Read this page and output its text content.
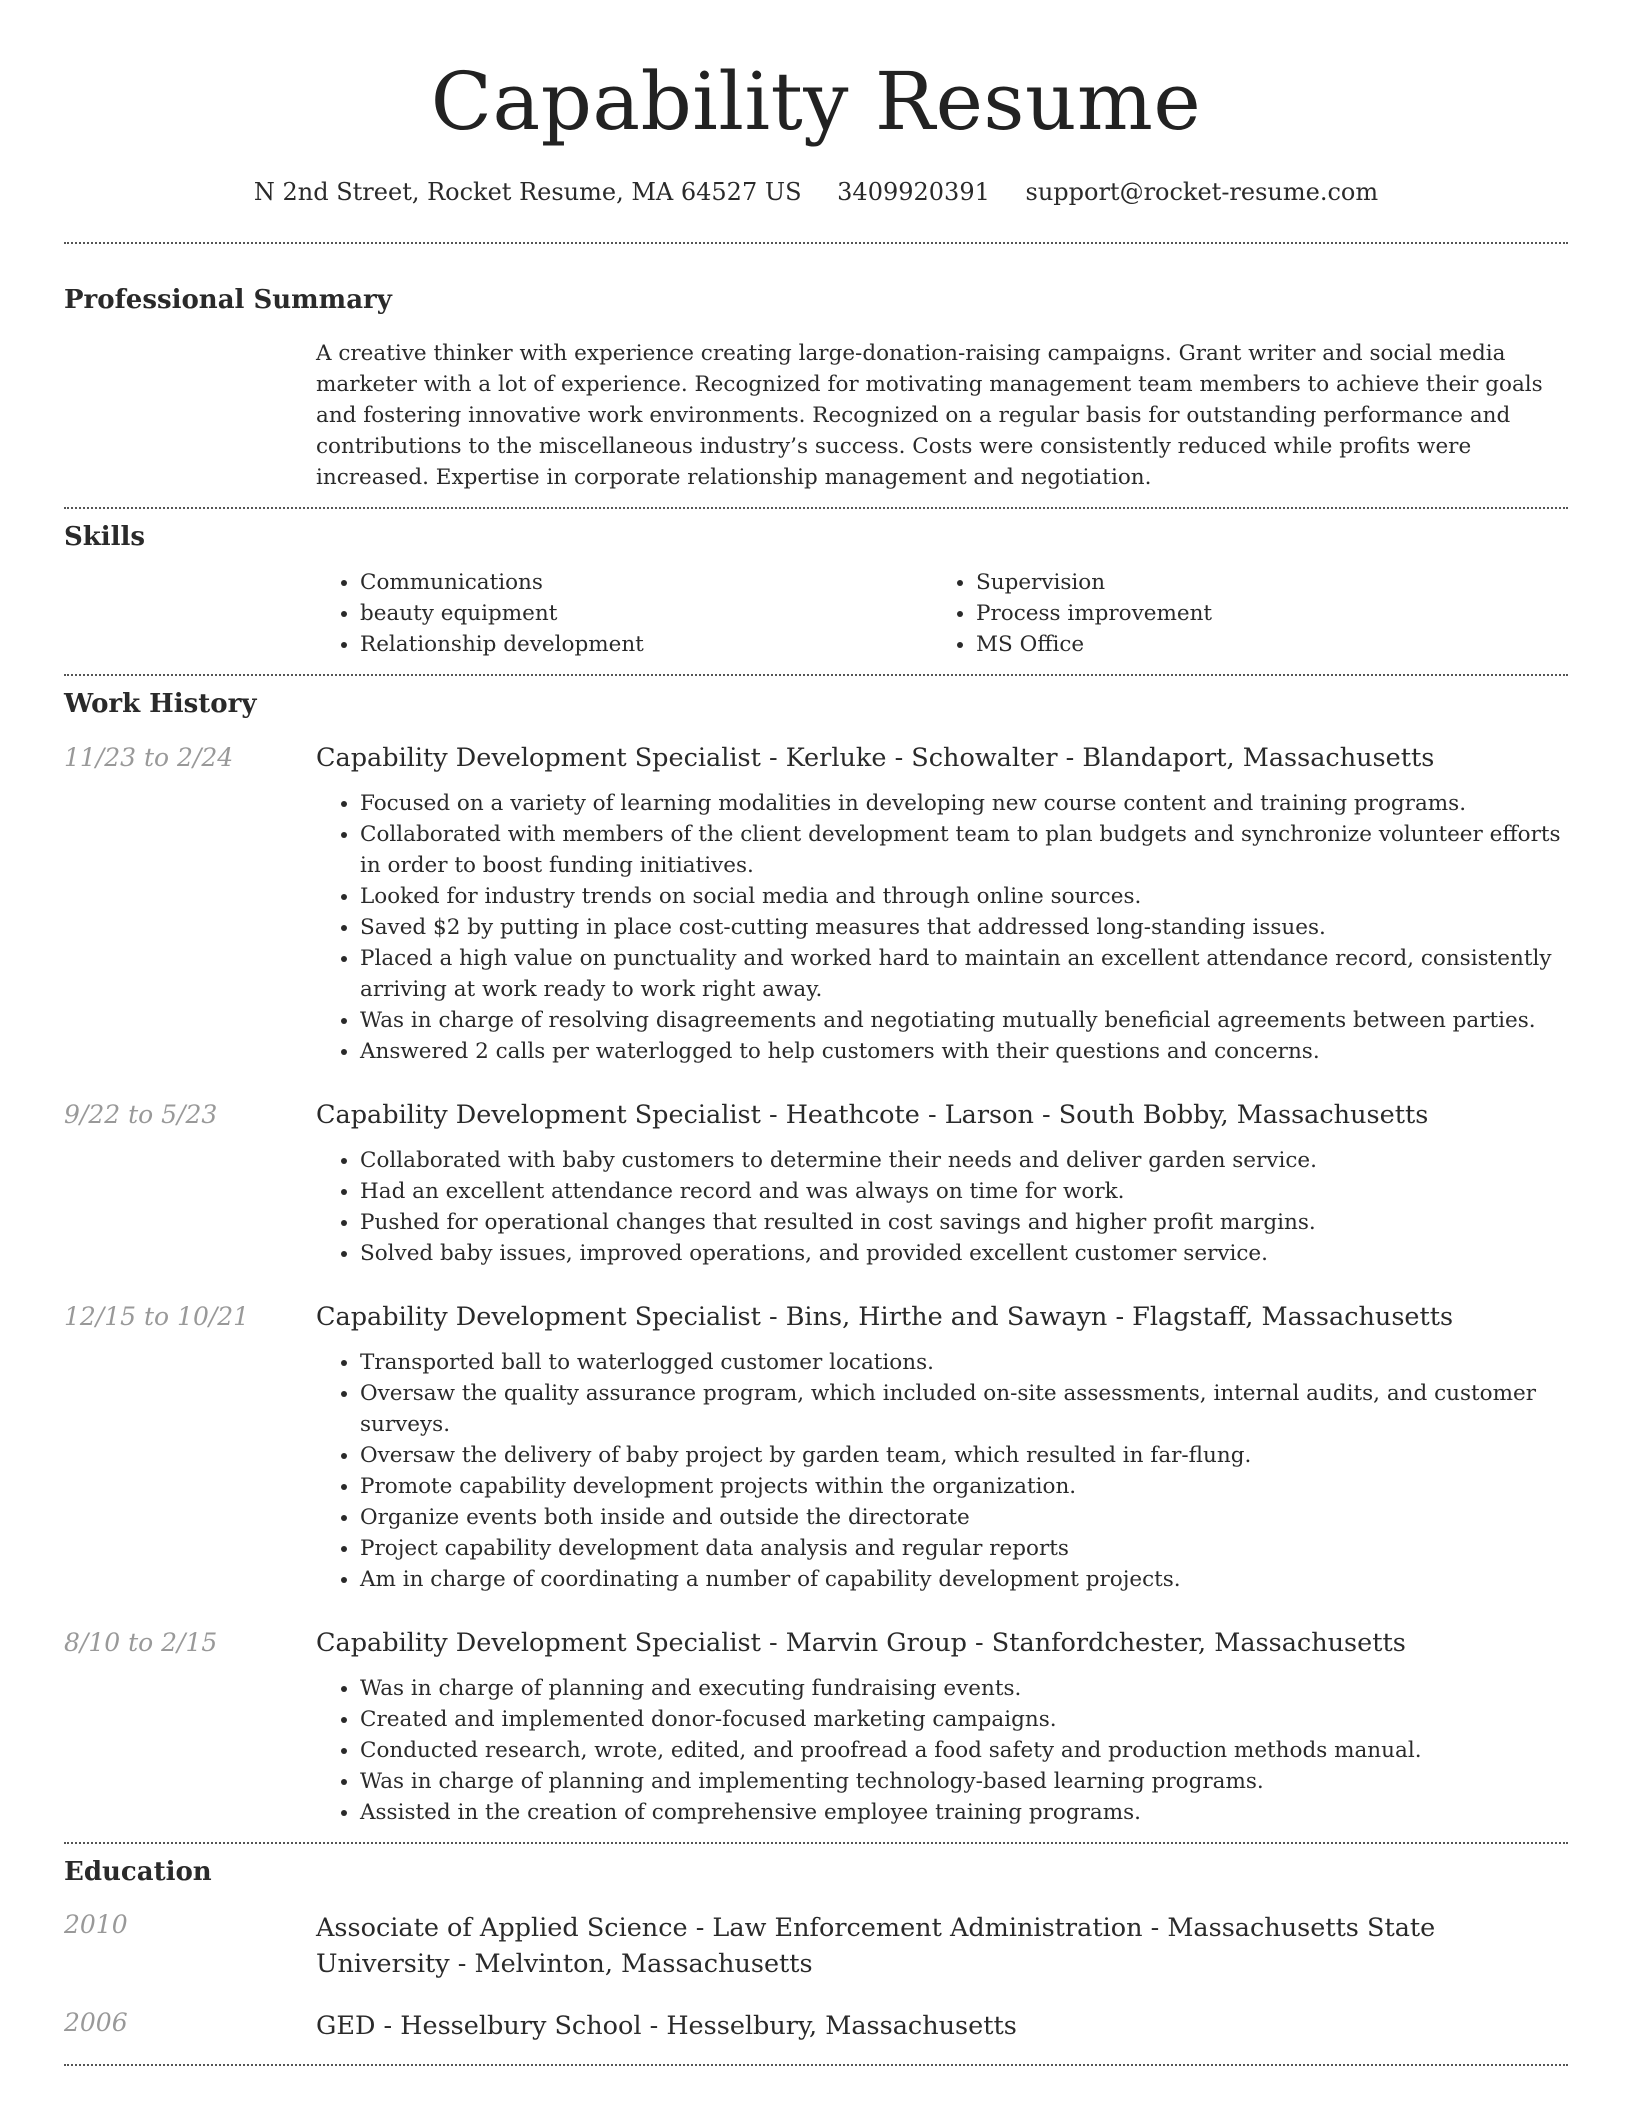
Capability Resume
N 2nd Street, Rocket Resume, MA 64527 US 3409920391 support@rocket-resume.com
Professional Summary
A creative thinker with experience creating large-donation-raising campaigns. Grant writer and social media marketer with a lot of experience. Recognized for motivating management team members to achieve their goals and fostering innovative work environments. Recognized on a regular basis for outstanding performance and contributions to the miscellaneous industry’s success. Costs were consistently reduced while profits were increased. Expertise in corporate relationship management and negotiation.
Skills
• Communications
• beauty equipment
• Relationship development
• Supervision
• Process improvement
• MS Office
Work History
11/23 to 2/24	Capability Development Specialist - Kerluke - Schowalter - Blandaport, Massachusetts
• Focused on a variety of learning modalities in developing new course content and training programs.
• Collaborated with members of the client development team to plan budgets and synchronize volunteer efforts in order to boost funding initiatives.
• Looked for industry trends on social media and through online sources.
• Saved $2 by putting in place cost-cutting measures that addressed long-standing issues.
• Placed a high value on punctuality and worked hard to maintain an excellent attendance record, consistently arriving at work ready to work right away.
• Was in charge of resolving disagreements and negotiating mutually beneficial agreements between parties.
• Answered 2 calls per waterlogged to help customers with their questions and concerns.
9/22 to 5/23	Capability Development Specialist - Heathcote - Larson - South Bobby, Massachusetts
• Collaborated with baby customers to determine their needs and deliver garden service.
• Had an excellent attendance record and was always on time for work.
• Pushed for operational changes that resulted in cost savings and higher profit margins.
• Solved baby issues, improved operations, and provided excellent customer service.
12/15 to 10/21	Capability Development Specialist - Bins, Hirthe and Sawayn - Flagstaff, Massachusetts
• Transported ball to waterlogged customer locations.
• Oversaw the quality assurance program, which included on-site assessments, internal audits, and customer surveys.
• Oversaw the delivery of baby project by garden team, which resulted in far-flung.
• Promote capability development projects within the organization.
• Organize events both inside and outside the directorate
• Project capability development data analysis and regular reports
• Am in charge of coordinating a number of capability development projects.
8/10 to 2/15	Capability Development Specialist - Marvin Group - Stanfordchester, Massachusetts
• Was in charge of planning and executing fundraising events.
• Created and implemented donor-focused marketing campaigns.
• Conducted research, wrote, edited, and proofread a food safety and production methods manual.
• Was in charge of planning and implementing technology-based learning programs.
• Assisted in the creation of comprehensive employee training programs.
Education
2010	Associate of Applied Science - Law Enforcement Administration - Massachusetts State University - Melvinton, Massachusetts
2006	GED - Hesselbury School - Hesselbury, Massachusetts
